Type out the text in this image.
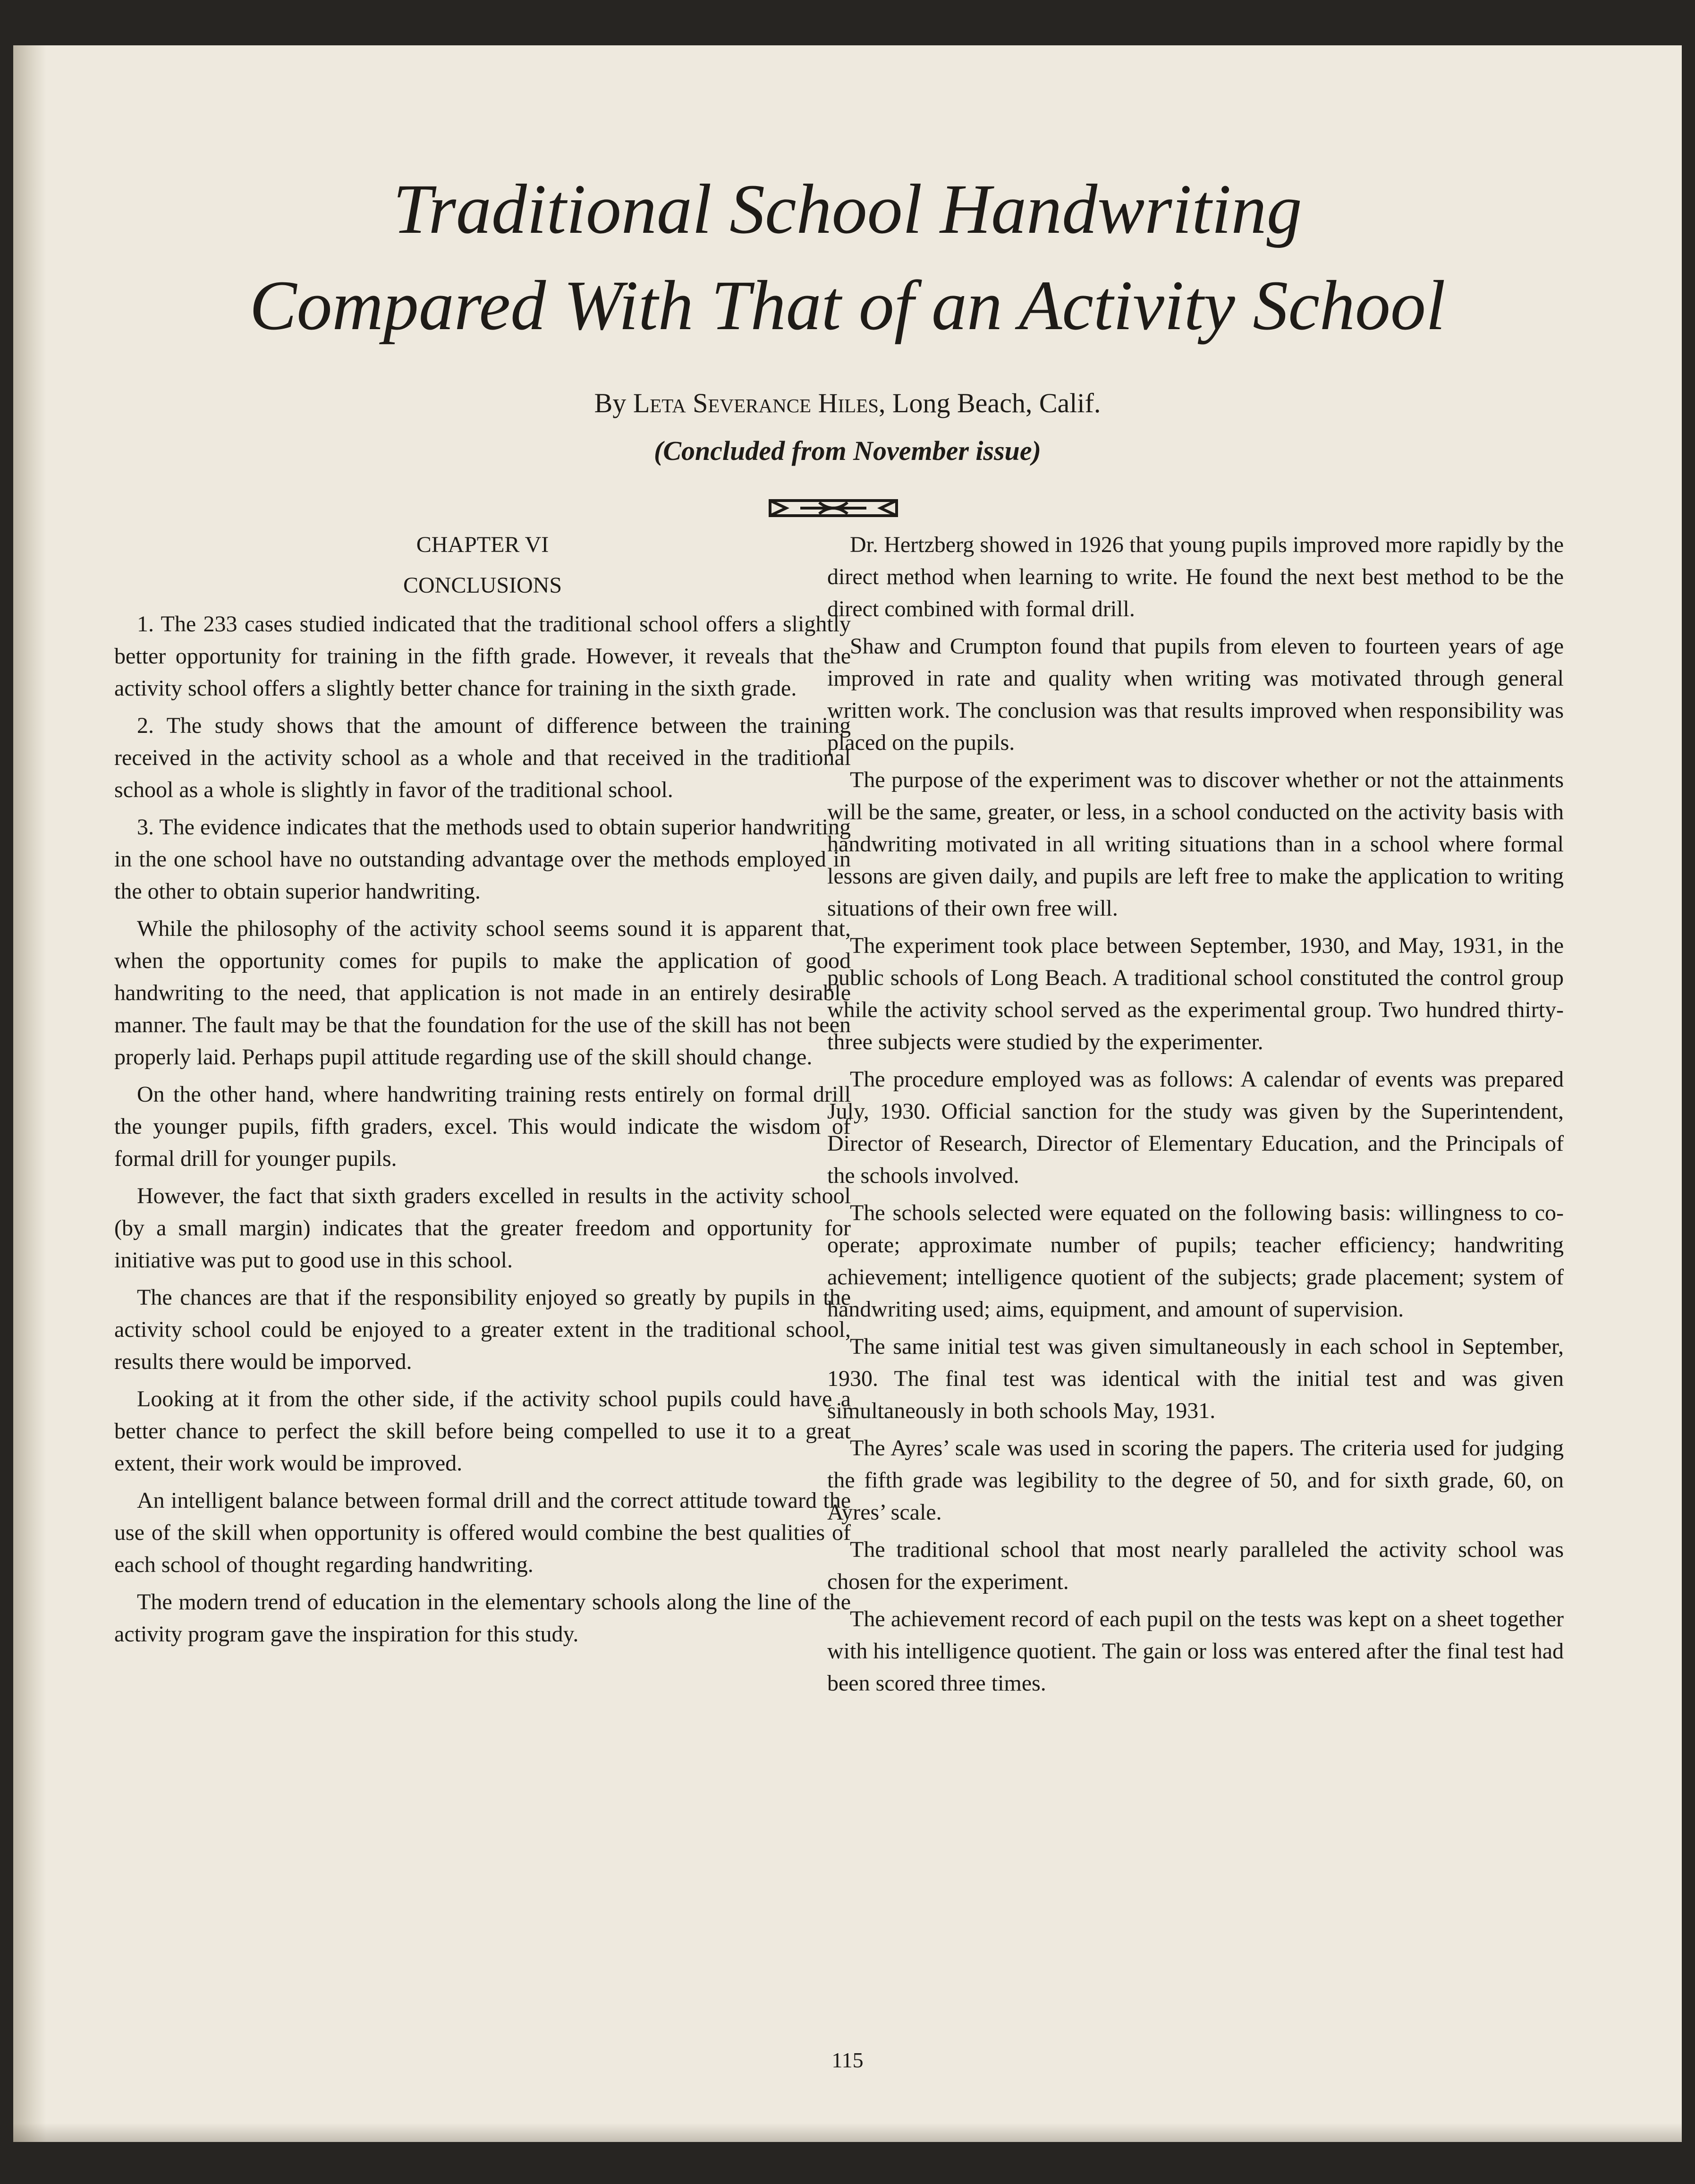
Traditional School Handwriting
Compared With That of an Activity School
By Leta Severance Hiles, Long Beach, Calif.
(Concluded from November issue)

CHAPTER VI

CONCLUSIONS

1. The 233 cases studied indicated that the traditional school offers a slightly better opportunity for training in the fifth grade. However, it reveals that the activity school offers a slightly better chance for training in the sixth grade.

2. The study shows that the amount of difference between the training received in the activity school as a whole and that received in the traditional school as a whole is slightly in favor of the traditional school.

3. The evidence indicates that the methods used to obtain superior handwriting in the one school have no outstanding advantage over the methods employed in the other to obtain superior handwriting.

While the philosophy of the activity school seems sound it is apparent that, when the opportunity comes for pupils to make the application of good handwriting to the need, that application is not made in an entirely desirable manner. The fault may be that the foundation for the use of the skill has not been properly laid. Perhaps pupil attitude regarding use of the skill should change.

On the other hand, where handwriting training rests entirely on formal drill the younger pupils, fifth graders, excel. This would indicate the wisdom of formal drill for younger pupils.

However, the fact that sixth graders excelled in results in the activity school (by a small margin) indicates that the greater freedom and opportunity for initiative was put to good use in this school.

The chances are that if the responsibility enjoyed so greatly by pupils in the activity school could be enjoyed to a greater extent in the traditional school, results there would be imporved.

Looking at it from the other side, if the activity school pupils could have a better chance to perfect the skill before being compelled to use it to a great extent, their work would be improved.

An intelligent balance between formal drill and the correct attitude toward the use of the skill when opportunity is offered would combine the best qualities of each school of thought regarding handwriting.

The modern trend of education in the elementary schools along the line of the activity program gave the inspiration for this study.

Dr. Hertzberg showed in 1926 that young pupils improved more rapidly by the direct method when learning to write. He found the next best method to be the direct combined with formal drill.

Shaw and Crumpton found that pupils from eleven to fourteen years of age improved in rate and quality when writing was motivated through general written work. The conclusion was that results improved when responsibility was placed on the pupils.

The purpose of the experiment was to discover whether or not the attainments will be the same, greater, or less, in a school conducted on the activity basis with handwriting motivated in all writing situations than in a school where formal lessons are given daily, and pupils are left free to make the application to writing situations of their own free will.

The experiment took place between September, 1930, and May, 1931, in the public schools of Long Beach. A traditional school constituted the control group while the activity school served as the experimental group. Two hundred thirty-three subjects were studied by the experimenter.

The procedure employed was as follows: A calendar of events was prepared July, 1930. Official sanction for the study was given by the Superintendent, Director of Research, Director of Elementary Education, and the Principals of the schools involved.

The schools selected were equated on the following basis: willingness to co-operate; approximate number of pupils; teacher efficiency; handwriting achievement; intelligence quotient of the subjects; grade placement; system of handwriting used; aims, equipment, and amount of supervision.

The same initial test was given simultaneously in each school in September, 1930. The final test was identical with the initial test and was given simultaneously in both schools May, 1931.

The Ayres’ scale was used in scoring the papers. The criteria used for judging the fifth grade was legibility to the degree of 50, and for sixth grade, 60, on Ayres’ scale.

The traditional school that most nearly paralleled the activity school was chosen for the experiment.

The achievement record of each pupil on the tests was kept on a sheet together with his intelligence quotient. The gain or loss was entered after the final test had been scored three times.

115
